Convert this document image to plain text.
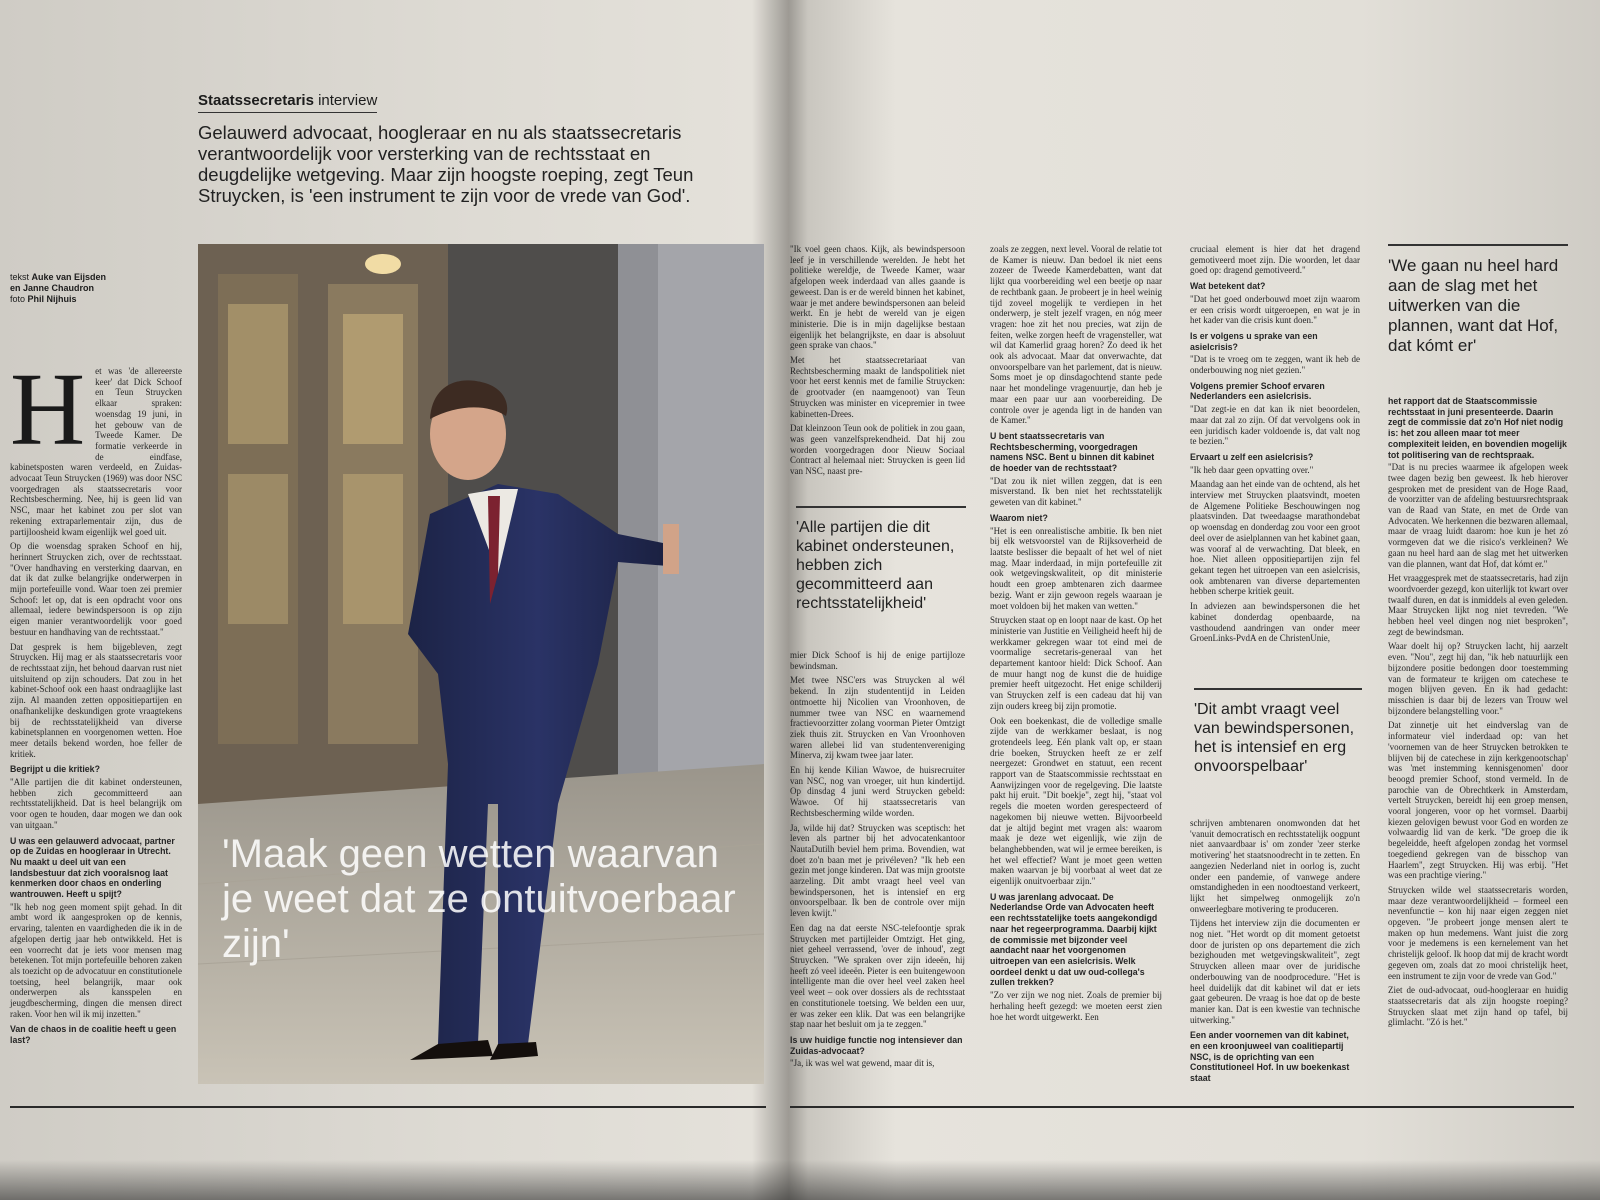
Staatssecretaris interview
Gelauwerd advocaat, hoogleraar en nu als staatssecretaris verantwoordelijk voor versterking van de rechtsstaat en deugdelijke wetgeving. Maar zijn hoogste roeping, zegt Teun Struycken, is 'een instrument te zijn voor de vrede van God'.
tekst Auke van Eijsden
en Janne Chaudron
foto Phil Nijhuis

H et was 'de allereerste keer' dat Dick Schoof en Teun Struycken elkaar spraken: woensdag 19 juni, in het gebouw van de Tweede Kamer. De formatie verkeerde in de eindfase, kabinetsposten waren verdeeld, en Zuidas-advocaat Teun Struycken (1969) was door NSC voorgedragen als staatssecretaris voor Rechtsbescherming. Nee, hij is geen lid van NSC, maar het kabinet zou per slot van rekening extraparlementair zijn, dus de partijloosheid kwam eigenlijk wel goed uit.

Op die woensdag spraken Schoof en hij, herinnert Struycken zich, over de rechtsstaat. "Over handhaving en versterking daarvan, en dat ik dat zulke belangrijke onderwerpen in mijn portefeuille vond. Waar toen zei premier Schoof: let op, dat is een opdracht voor ons allemaal, iedere bewindspersoon is op zijn eigen manier verantwoordelijk voor goed bestuur en handhaving van de rechtsstaat."

Dat gesprek is hem bijgebleven, zegt Struycken. Hij mag er als staatssecretaris voor de rechtsstaat zijn, het behoud daarvan rust niet uitsluitend op zijn schouders. Dat zou in het kabinet-Schoof ook een haast ondraaglijke last zijn. Al maanden zetten oppositiepartijen en onafhankelijke deskundigen grote vraagtekens bij de rechtsstatelijkheid van diverse kabinetsplannen en voorgenomen wetten. Hoe meer details bekend worden, hoe feller de kritiek.

Begrijpt u die kritiek?

"Alle partijen die dit kabinet ondersteunen, hebben zich gecommitteerd aan rechtsstatelijkheid. Dat is heel belangrijk om voor ogen te houden, daar mogen we dan ook van uitgaan."

U was een gelauwerd advocaat, partner op de Zuidas en hoogleraar in Utrecht. Nu maakt u deel uit van een landsbestuur dat zich vooralsnog laat kenmerken door chaos en onderling wantrouwen. Heeft u spijt?

"Ik heb nog geen moment spijt gehad. In dit ambt word ik aangesproken op de kennis, ervaring, talenten en vaardigheden die ik in de afgelopen dertig jaar heb ontwikkeld. Het is een voorrecht dat je iets voor mensen mag betekenen. Tot mijn portefeuille behoren zaken als toezicht op de advocatuur en constitutionele toetsing, heel belangrijk, maar ook onderwerpen als kansspelen en jeugdbescherming, dingen die mensen direct raken. Voor hen wil ik mij inzetten."

Van de chaos in de coalitie heeft u geen last?
'Maak geen wetten waarvan je weet dat ze ontuitvoerbaar zijn'

"Ik voel geen chaos. Kijk, als bewindspersoon leef je in verschillende werelden. Je hebt het politieke wereldje, de Tweede Kamer, waar afgelopen week inderdaad van alles gaande is geweest. Dan is er de wereld binnen het kabinet, waar je met andere bewindspersonen aan beleid werkt. En je hebt de wereld van je eigen ministerie. Die is in mijn dagelijkse bestaan eigenlijk het belangrijkste, en daar is absoluut geen sprake van chaos."

Met het staatssecretariaat van Rechtsbescherming maakt de landspolitiek niet voor het eerst kennis met de familie Struycken: de grootvader (en naamgenoot) van Teun Struycken was minister en vicepremier in twee kabinetten-Drees.

Dat kleinzoon Teun ook de politiek in zou gaan, was geen vanzelfsprekendheid. Dat hij zou worden voorgedragen door Nieuw Sociaal Contract al helemaal niet: Struycken is geen lid van NSC, naast pre-

'Alle partijen die dit kabinet ondersteunen, hebben zich gecommitteerd aan rechtsstatelijkheid'

mier Dick Schoof is hij de enige partijloze bewindsman.

Met twee NSC'ers was Struycken al wél bekend. In zijn studententijd in Leiden ontmoette hij Nicolien van Vroonhoven, de nummer twee van NSC en waarnemend fractievoorzitter zolang voorman Pieter Omtzigt ziek thuis zit. Struycken en Van Vroonhoven waren allebei lid van studentenvereniging Minerva, zij kwam twee jaar later.

En hij kende Kilian Wawoe, de huisrecruiter van NSC, nog van vroeger, uit hun kindertijd. Op dinsdag 4 juni werd Struycken gebeld: Wawoe. Of hij staatssecretaris van Rechtsbescherming wilde worden.

Ja, wilde hij dat? Struycken was sceptisch: het leven als partner bij het advocatenkantoor NautaDutilh beviel hem prima. Bovendien, wat doet zo'n baan met je privéleven? "Ik heb een gezin met jonge kinderen. Dat was mijn grootste aarzeling. Dit ambt vraagt heel veel van bewindspersonen, het is intensief en erg onvoorspelbaar. Ik ben de controle over mijn leven kwijt."

Een dag na dat eerste NSC-telefoontje sprak Struycken met partijleider Omtzigt. Het ging, niet geheel verrassend, 'over de inhoud', zegt Struycken. "We spraken over zijn ideeën, hij heeft zó veel ideeën. Pieter is een buitengewoon intelligente man die over heel veel zaken heel veel weet – ook over dossiers als de rechtsstaat en constitutionele toetsing. We belden een uur, er was zeker een klik. Dat was een belangrijke stap naar het besluit om ja te zeggen."

Is uw huidige functie nog intensiever dan Zuidas-advocaat?

"Ja, ik was wel wat gewend, maar dit is,

zoals ze zeggen, next level. Vooral de relatie tot de Kamer is nieuw. Dan bedoel ik niet eens zozeer de Tweede Kamerdebatten, want dat lijkt qua voorbereiding wel een beetje op naar de rechtbank gaan. Je probeert je in heel weinig tijd zoveel mogelijk te verdiepen in het onderwerp, je stelt jezelf vragen, en nóg meer vragen: hoe zit het nou precies, wat zijn de feiten, welke zorgen heeft de vragensteller, wat wil dat Kamerlid graag horen? Zo deed ik het ook als advocaat. Maar dat onverwachte, dat onvoorspelbare van het parlement, dat is nieuw. Soms moet je op dinsdagochtend stante pede naar het mondelinge vragenuurtje, dan heb je maar een paar uur aan voorbereiding. De controle over je agenda ligt in de handen van de Kamer."

U bent staatssecretaris van Rechtsbescherming, voorgedragen namens NSC. Bent u binnen dit kabinet de hoeder van de rechtsstaat?

"Dat zou ik niet willen zeggen, dat is een misverstand. Ik ben niet het rechtsstatelijk geweten van dit kabinet."

Waarom niet?

"Het is een onrealistische ambitie. Ik ben niet bij elk wetsvoorstel van de Rijksoverheid de laatste beslisser die bepaalt of het wel of niet mag. Maar inderdaad, in mijn portefeuille zit ook wetgevingskwaliteit, op dit ministerie houdt een groep ambtenaren zich daarmee bezig. Want er zijn gewoon regels waaraan je moet voldoen bij het maken van wetten."

Struycken staat op en loopt naar de kast. Op het ministerie van Justitie en Veiligheid heeft hij de werkkamer gekregen waar tot eind mei de voormalige secretaris-generaal van het departement kantoor hield: Dick Schoof. Aan de muur hangt nog de kunst die de huidige premier heeft uitgezocht. Het enige schilderij van Struycken zelf is een cadeau dat hij van zijn ouders kreeg bij zijn promotie.

Ook een boekenkast, die de volledige smalle zijde van de werkkamer beslaat, is nog grotendeels leeg. Eén plank valt op, er staan drie boeken, Struycken heeft ze er zelf neergezet: Grondwet en statuut, een recent rapport van de Staatscommissie rechtsstaat en Aanwijzingen voor de regelgeving. Die laatste pakt hij eruit. "Dit boekje", zegt hij, "staat vol regels die moeten worden gerespecteerd of nagekomen bij nieuwe wetten. Bijvoorbeeld dat je altijd begint met vragen als: waarom maak je deze wet eigenlijk, wie zijn de belanghebbenden, wat wil je ermee bereiken, is het wel effectief? Want je moet geen wetten maken waarvan je bij voorbaat al weet dat ze eigenlijk onuitvoerbaar zijn."

U was jarenlang advocaat. De Nederlandse Orde van Advocaten heeft een rechtsstatelijke toets aangekondigd naar het regeerprogramma. Daarbij kijkt de commissie met bijzonder veel aandacht naar het voorgenomen uitroepen van een asielcrisis. Welk oordeel denkt u dat uw oud-collega's zullen trekken?

"Zo ver zijn we nog niet. Zoals de premier bij herhaling heeft gezegd: we moeten eerst zien hoe het wordt uitgewerkt. Een

cruciaal element is hier dat het dragend gemotiveerd moet zijn. Die woorden, let daar goed op: dragend gemotiveerd."

Wat betekent dat?

"Dat het goed onderbouwd moet zijn waarom er een crisis wordt uitgeroepen, en wat je in het kader van die crisis kunt doen."

Is er volgens u sprake van een asielcrisis?

"Dat is te vroeg om te zeggen, want ik heb de onderbouwing nog niet gezien."

Volgens premier Schoof ervaren Nederlanders een asielcrisis.

"Dat zegt-ie en dat kan ik niet beoordelen, maar dat zal zo zijn. Of dat vervolgens ook in een juridisch kader voldoende is, dat valt nog te bezien."

Ervaart u zelf een asielcrisis?

"Ik heb daar geen opvatting over."

Maandag aan het einde van de ochtend, als het interview met Struycken plaatsvindt, moeten de Algemene Politieke Beschouwingen nog plaatsvinden. Dat tweedaagse marathondebat op woensdag en donderdag zou voor een groot deel over de asielplannen van het kabinet gaan, was vooraf al de verwachting. Dat bleek, en hoe. Niet alleen oppositiepartijen zijn fel gekant tegen het uitroepen van een asielcrisis, ook ambtenaren van diverse departementen hebben scherpe kritiek geuit.

In adviezen aan bewindspersonen die het kabinet donderdag openbaarde, na vasthoudend aandringen van onder meer GroenLinks-PvdA en de ChristenUnie,

'Dit ambt vraagt veel van bewindspersonen, het is intensief en erg onvoorspelbaar'

schrijven ambtenaren onomwonden dat het 'vanuit democratisch en rechtsstatelijk oogpunt niet aanvaardbaar is' om zonder 'zeer sterke motivering' het staatsnoodrecht in te zetten. En aangezien Nederland niet in oorlog is, zucht onder een pandemie, of vanwege andere omstandigheden in een noodtoestand verkeert, lijkt het simpelweg onmogelijk zo'n onweerlegbare motivering te produceren.

Tijdens het interview zijn die documenten er nog niet. "Het wordt op dit moment getoetst door de juristen op ons departement die zich bezighouden met wetgevingskwaliteit", zegt Struycken alleen maar over de juridische onderbouwing van de noodprocedure. "Het is heel duidelijk dat dit kabinet wil dat er iets gaat gebeuren. De vraag is hoe dat op de beste manier kan. Dat is een kwestie van technische uitwerking."

Een ander voornemen van dit kabinet, en een kroonjuweel van coalitiepartij NSC, is de oprichting van een Constitutioneel Hof. In uw boekenkast staat
'We gaan nu heel hard aan de slag met het uitwerken van die plannen, want dat Hof, dat kómt er'
het rapport dat de Staatscommissie rechtsstaat in juni presenteerde. Daarin zegt de commissie dat zo'n Hof niet nodig is: het zou alleen maar tot meer complexiteit leiden, en bovendien mogelijk tot politisering van de rechtspraak.

"Dat is nu precies waarmee ik afgelopen week twee dagen bezig ben geweest. Ik heb hierover gesproken met de president van de Hoge Raad, de voorzitter van de afdeling bestuursrechtspraak van de Raad van State, en met de Orde van Advocaten. We herkennen die bezwaren allemaal, maar de vraag luidt daarom: hoe kun je het zó vormgeven dat we die risico's verkleinen? We gaan nu heel hard aan de slag met het uitwerken van die plannen, want dat Hof, dat kómt er."

Het vraaggesprek met de staatssecretaris, had zijn woordvoerder gezegd, kon uiterlijk tot kwart over twaalf duren, en dat is inmiddels al even geleden. Maar Struycken lijkt nog niet tevreden. "We hebben heel veel dingen nog niet besproken", zegt de bewindsman.

Waar doelt hij op? Struycken lacht, hij aarzelt even. "Nou", zegt hij dan, "ik heb natuurlijk een bijzondere positie bedongen door toestemming van de formateur te krijgen om catechese te mogen blijven geven. En ik had gedacht: misschien is daar bij de lezers van Trouw wel bijzondere belangstelling voor."

Dat zinnetje uit het eindverslag van de informateur viel inderdaad op: van het 'voornemen van de heer Struycken betrokken te blijven bij de catechese in zijn kerkgenootschap' was 'met instemming kennisgenomen' door beoogd premier Schoof, stond vermeld. In de parochie van de Obrechtkerk in Amsterdam, vertelt Struycken, bereidt hij een groep mensen, vooral jongeren, voor op het vormsel. Daarbij kiezen gelovigen bewust voor God en worden ze volwaardig lid van de kerk. "De groep die ik begeleidde, heeft afgelopen zondag het vormsel toegediend gekregen van de bisschop van Haarlem", zegt Struycken. Hij was erbij. "Het was een prachtige viering."

Struycken wilde wel staatssecretaris worden, maar deze verantwoordelijkheid – formeel een nevenfunctie – kon hij naar eigen zeggen niet opgeven. "Je probeert jonge mensen alert te maken op hun medemens. Want juist die zorg voor je medemens is een kernelement van het christelijk geloof. Ik hoop dat mij de kracht wordt gegeven om, zoals dat zo mooi christelijk heet, een instrument te zijn voor de vrede van God."

Ziet de oud-advocaat, oud-hoogleraar en huidig staatssecretaris dat als zijn hoogste roeping? Struycken slaat met zijn hand op tafel, bij glimlacht. "Zó is het."
